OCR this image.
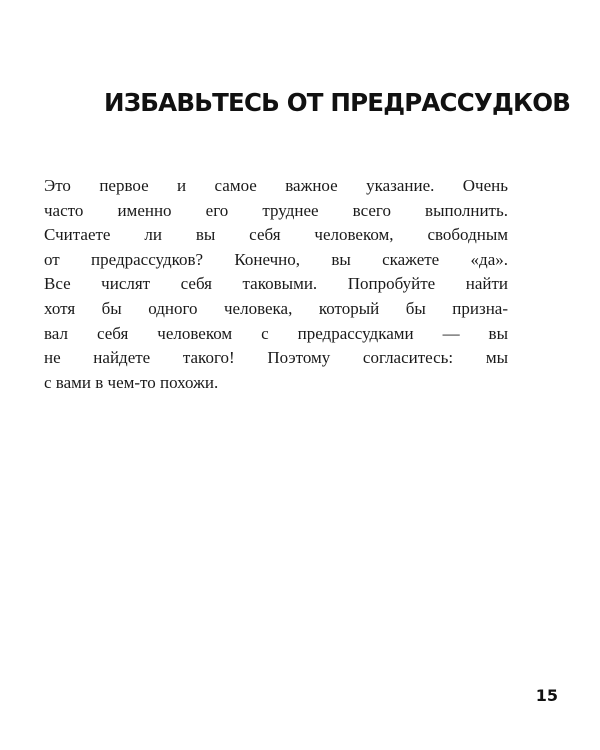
ИЗБАВЬТЕСЬ ОТ ПРЕДРАССУДКОВ
Это первое и самое важное указание. Очень
часто именно его труднее всего выполнить.
Считаете ли вы себя человеком, свободным
от предрассудков? Конечно, вы скажете «да».
Все числят себя таковыми. Попробуйте найти
хотя бы одного человека, который бы призна-
вал себя человеком с предрассудками — вы
не найдете такого! Поэтому согласитесь: мы
с вами в чем-то похожи.
15
